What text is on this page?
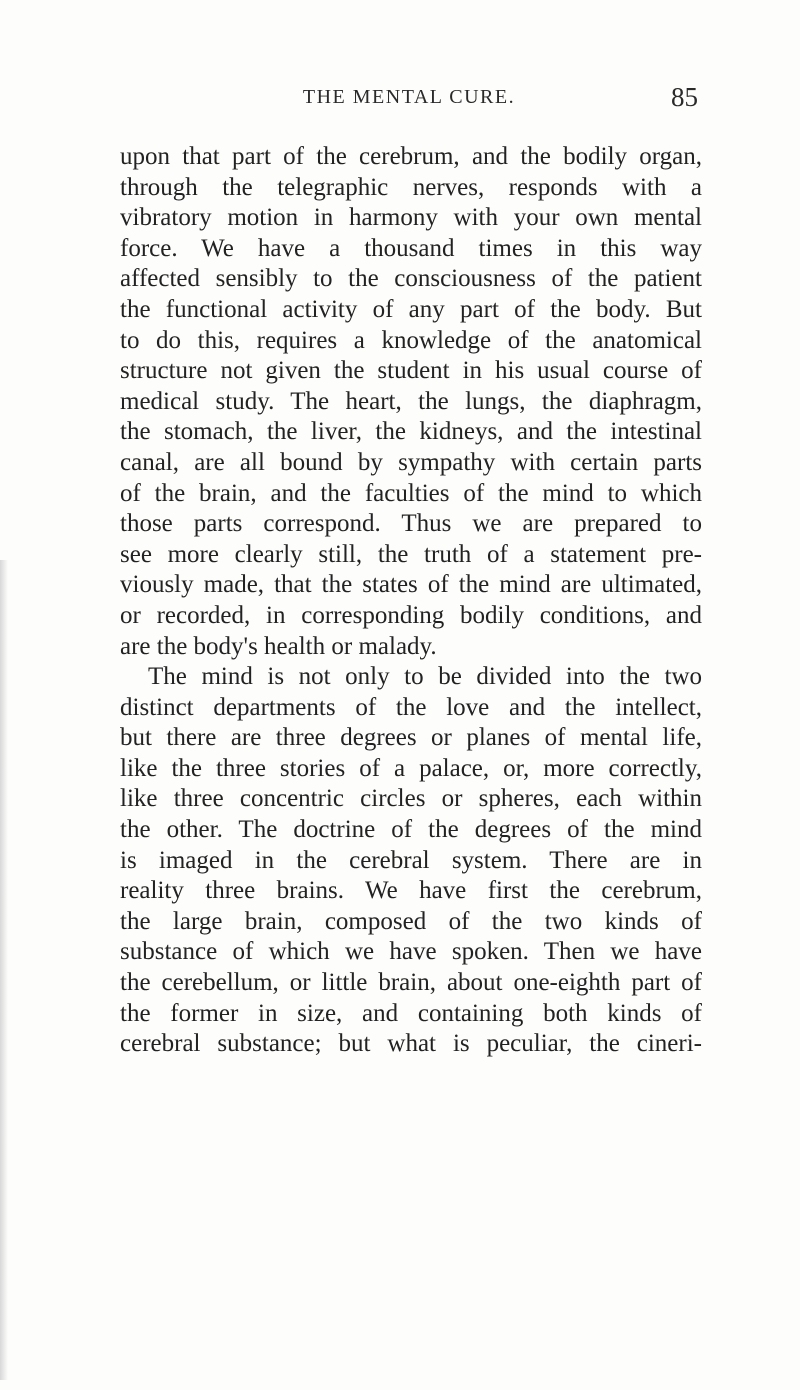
THE MENTAL CURE.	85
upon that part of the cerebrum, and the bodily organ,
through the telegraphic nerves, responds with a
vibratory motion in harmony with your own mental
force. We have a thousand times in this way
affected sensibly to the consciousness of the patient
the functional activity of any part of the body. But
to do this, requires a knowledge of the anatomical
structure not given the student in his usual course of
medical study. The heart, the lungs, the diaphragm,
the stomach, the liver, the kidneys, and the intestinal
canal, are all bound by sympathy with certain parts
of the brain, and the faculties of the mind to which
those parts correspond. Thus we are prepared to
see more clearly still, the truth of a statement pre-
viously made, that the states of the mind are ultimated,
or recorded, in corresponding bodily conditions, and
are the body's health or malady.
The mind is not only to be divided into the two
distinct departments of the love and the intellect,
but there are three degrees or planes of mental life,
like the three stories of a palace, or, more correctly,
like three concentric circles or spheres, each within
the other. The doctrine of the degrees of the mind
is imaged in the cerebral system. There are in
reality three brains. We have first the cerebrum,
the large brain, composed of the two kinds of
substance of which we have spoken. Then we have
the cerebellum, or little brain, about one-eighth part of
the former in size, and containing both kinds of
cerebral substance; but what is peculiar, the cineri-
